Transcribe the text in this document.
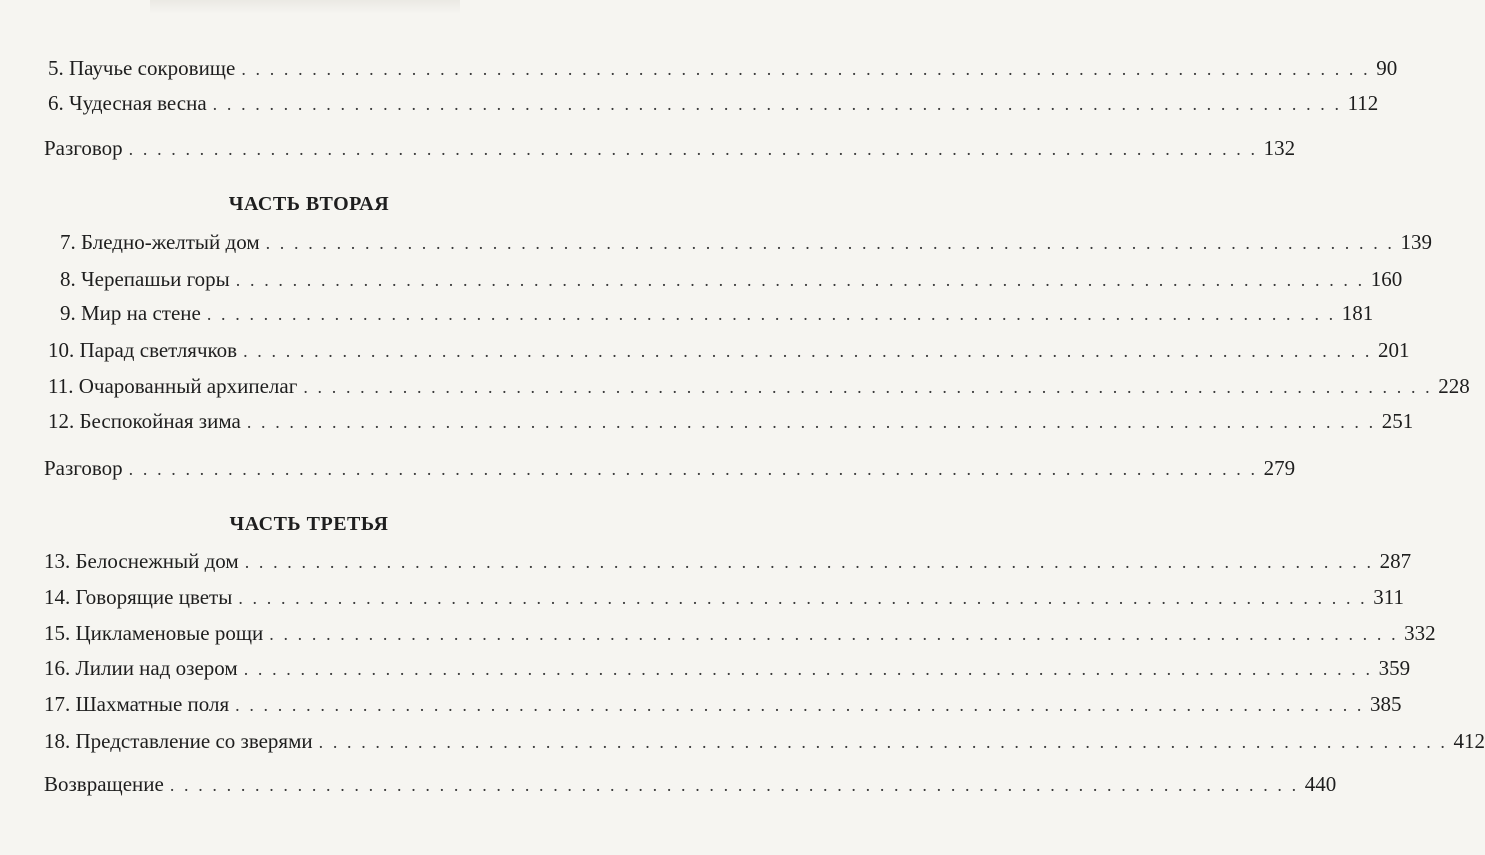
5. Паучье сокровище . . . . . . . . . . . . . . . . . . . . . . . . . . . . . . . . . . . . . . . . . . . . . . . . . . . . . . . . . . . . . . . . . . . . . . . . . . . . . . . . 90
6. Чудесная весна . . . . . . . . . . . . . . . . . . . . . . . . . . . . . . . . . . . . . . . . . . . . . . . . . . . . . . . . . . . . . . . . . . . . . . . . . . . . . . . . 112
Разговор . . . . . . . . . . . . . . . . . . . . . . . . . . . . . . . . . . . . . . . . . . . . . . . . . . . . . . . . . . . . . . . . . . . . . . . . . . . . . . . . 132
ЧАСТЬ ВТОРАЯ
7. Бледно-желтый дом . . . . . . . . . . . . . . . . . . . . . . . . . . . . . . . . . . . . . . . . . . . . . . . . . . . . . . . . . . . . . . . . . . . . . . . . . . . . . . . . 139
8. Черепашьи горы . . . . . . . . . . . . . . . . . . . . . . . . . . . . . . . . . . . . . . . . . . . . . . . . . . . . . . . . . . . . . . . . . . . . . . . . . . . . . . . . 160
9. Мир на стене . . . . . . . . . . . . . . . . . . . . . . . . . . . . . . . . . . . . . . . . . . . . . . . . . . . . . . . . . . . . . . . . . . . . . . . . . . . . . . . . 181
10. Парад светлячков . . . . . . . . . . . . . . . . . . . . . . . . . . . . . . . . . . . . . . . . . . . . . . . . . . . . . . . . . . . . . . . . . . . . . . . . . . . . . . . . 201
11. Очарованный архипелаг . . . . . . . . . . . . . . . . . . . . . . . . . . . . . . . . . . . . . . . . . . . . . . . . . . . . . . . . . . . . . . . . . . . . . . . . . . . . . . . . 228
12. Беспокойная зима . . . . . . . . . . . . . . . . . . . . . . . . . . . . . . . . . . . . . . . . . . . . . . . . . . . . . . . . . . . . . . . . . . . . . . . . . . . . . . . . 251
Разговор . . . . . . . . . . . . . . . . . . . . . . . . . . . . . . . . . . . . . . . . . . . . . . . . . . . . . . . . . . . . . . . . . . . . . . . . . . . . . . . . 279
ЧАСТЬ ТРЕТЬЯ
13. Белоснежный дом . . . . . . . . . . . . . . . . . . . . . . . . . . . . . . . . . . . . . . . . . . . . . . . . . . . . . . . . . . . . . . . . . . . . . . . . . . . . . . . . 287
14. Говорящие цветы . . . . . . . . . . . . . . . . . . . . . . . . . . . . . . . . . . . . . . . . . . . . . . . . . . . . . . . . . . . . . . . . . . . . . . . . . . . . . . . . 311
15. Цикламеновые рощи . . . . . . . . . . . . . . . . . . . . . . . . . . . . . . . . . . . . . . . . . . . . . . . . . . . . . . . . . . . . . . . . . . . . . . . . . . . . . . . . 332
16. Лилии над озером . . . . . . . . . . . . . . . . . . . . . . . . . . . . . . . . . . . . . . . . . . . . . . . . . . . . . . . . . . . . . . . . . . . . . . . . . . . . . . . . 359
17. Шахматные поля . . . . . . . . . . . . . . . . . . . . . . . . . . . . . . . . . . . . . . . . . . . . . . . . . . . . . . . . . . . . . . . . . . . . . . . . . . . . . . . . 385
18. Представление со зверями . . . . . . . . . . . . . . . . . . . . . . . . . . . . . . . . . . . . . . . . . . . . . . . . . . . . . . . . . . . . . . . . . . . . . . . . . . . . . . . . 412
Возвращение . . . . . . . . . . . . . . . . . . . . . . . . . . . . . . . . . . . . . . . . . . . . . . . . . . . . . . . . . . . . . . . . . . . . . . . . . . . . . . . . 440
